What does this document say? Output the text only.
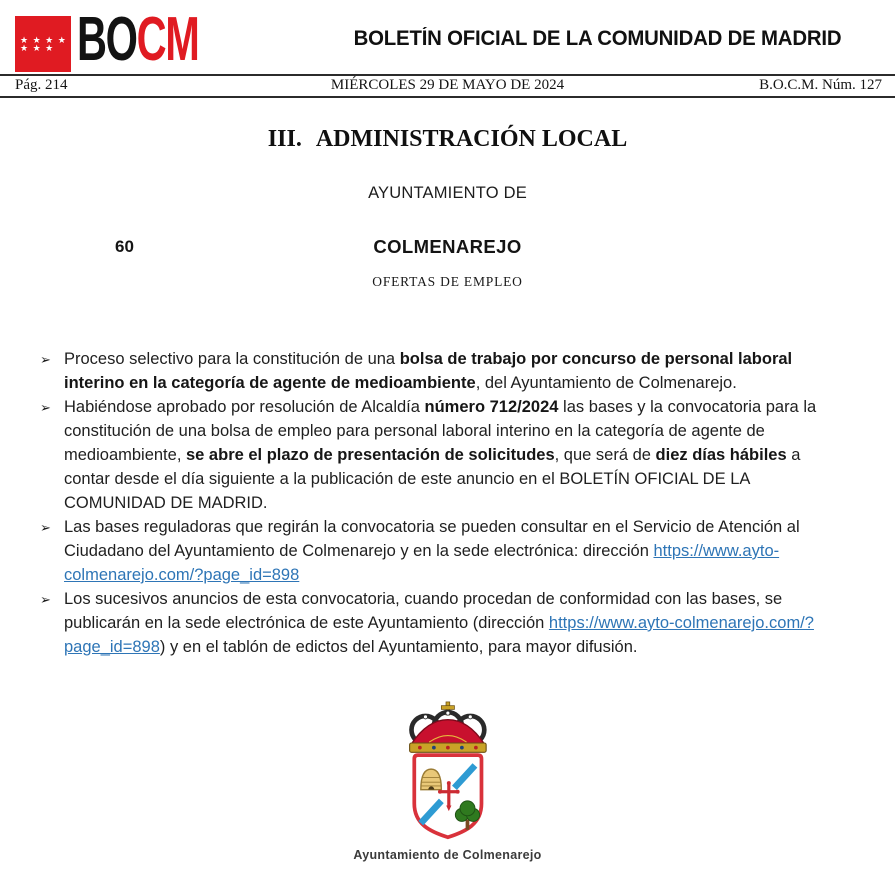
★ ★ ★ ★
★ ★ ★ BOCM	BOLETÍN OFICIAL DE LA COMUNIDAD DE MADRID
Pág. 214	MIÉRCOLES 29 DE MAYO DE 2024	B.O.C.M. Núm. 127
III. ADMINISTRACIÓN LOCAL
AYUNTAMIENTO DE
60	COLMENAREJO
OFERTAS DE EMPLEO
➢ Proceso selectivo para la constitución de una bolsa de trabajo por concurso de personal laboral interino en la categoría de agente de medioambiente, del Ayuntamiento de Colmenarejo.
➢ Habiéndose aprobado por resolución de Alcaldía número 712/2024 las bases y la convocatoria para la constitución de una bolsa de empleo para personal laboral interino en la categoría de agente de medioambiente, se abre el plazo de presentación de solicitudes, que será de diez días hábiles a contar desde el día siguiente a la publicación de este anuncio en el BOLETÍN OFICIAL DE LA COMUNIDAD DE MADRID.
➢ Las bases reguladoras que regirán la convocatoria se pueden consultar en el Servicio de Atención al Ciudadano del Ayuntamiento de Colmenarejo y en la sede electrónica: dirección https://www.ayto-colmenarejo.com/?page_id=898
➢ Los sucesivos anuncios de esta convocatoria, cuando procedan de conformidad con las bases, se publicarán en la sede electrónica de este Ayuntamiento (dirección https://www.ayto-colmenarejo.com/?page_id=898) y en el tablón de edictos del Ayuntamiento, para mayor difusión.
Ayuntamiento de Colmenarejo
